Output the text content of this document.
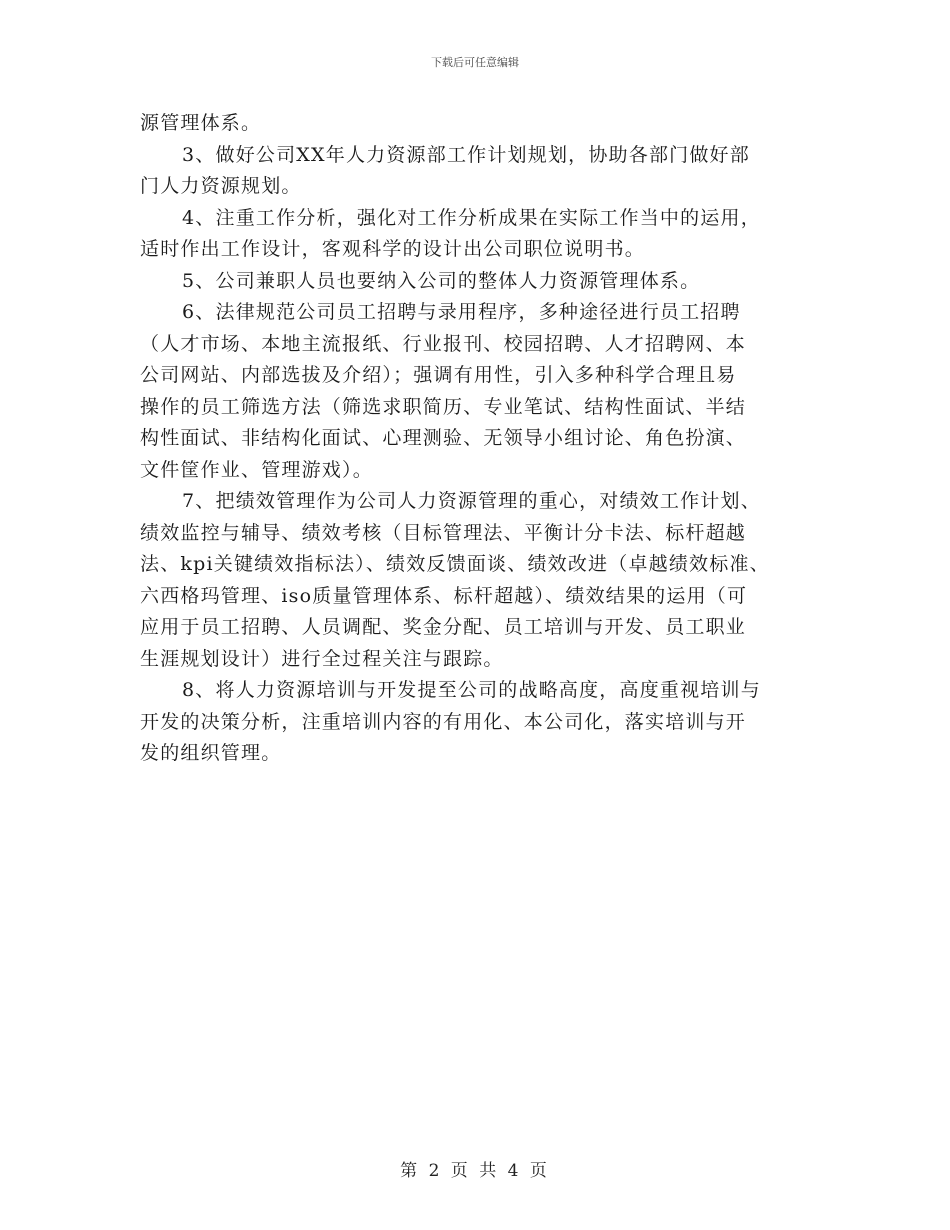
下载后可任意编辑

源管理体系。

3、做好公司XX年人力资源部工作计划规划，协助各部门做好部
门人力资源规划。

4、注重工作分析，强化对工作分析成果在实际工作当中的运用，
适时作出工作设计，客观科学的设计出公司职位说明书。

5、公司兼职人员也要纳入公司的整体人力资源管理体系。

6、法律规范公司员工招聘与录用程序，多种途径进行员工招聘
（人才市场、本地主流报纸、行业报刊、校园招聘、人才招聘网、本
公司网站、内部选拔及介绍）；强调有用性，引入多种科学合理且易
操作的员工筛选方法（筛选求职简历、专业笔试、结构性面试、半结
构性面试、非结构化面试、心理测验、无领导小组讨论、角色扮演、
文件筐作业、管理游戏）。

7、把绩效管理作为公司人力资源管理的重心，对绩效工作计划、
绩效监控与辅导、绩效考核（目标管理法、平衡计分卡法、标杆超越
法、kpi关键绩效指标法）、绩效反馈面谈、绩效改进（卓越绩效标准、
六西格玛管理、iso质量管理体系、标杆超越）、绩效结果的运用（可
应用于员工招聘、人员调配、奖金分配、员工培训与开发、员工职业
生涯规划设计）进行全过程关注与跟踪。

8、将人力资源培训与开发提至公司的战略高度，高度重视培训与
开发的决策分析，注重培训内容的有用化、本公司化，落实培训与开
发的组织管理。

第 2 页 共 4 页
